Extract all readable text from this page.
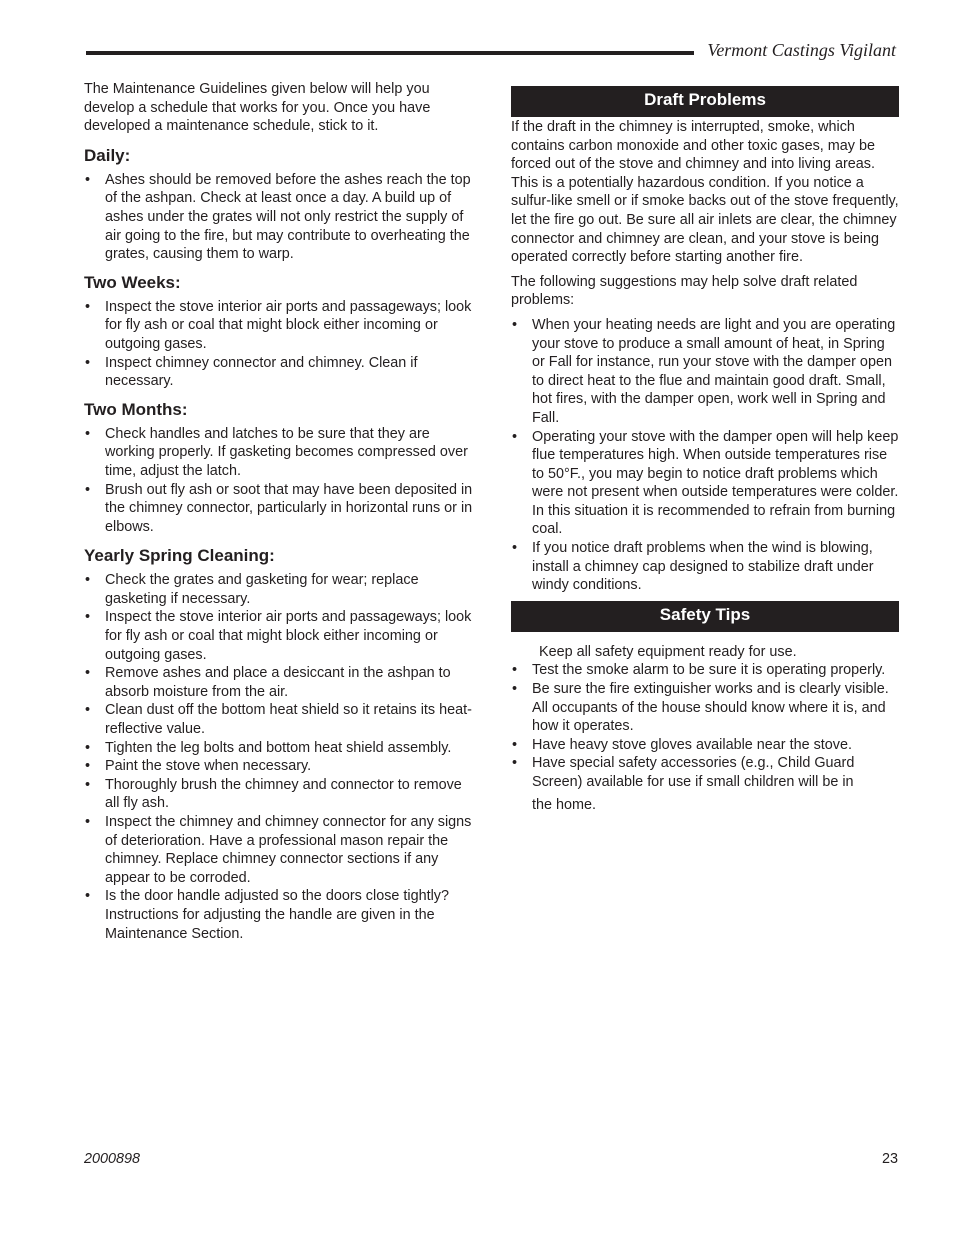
Vermont Castings Vigilant

The Maintenance Guidelines given below will help you develop a schedule that works for you. Once you have developed a maintenance schedule, stick to it.

Daily:
• Ashes should be removed before the ashes reach the top of the ashpan. Check at least once a day. A build up of ashes under the grates will not only restrict the supply of air going to the fire, but may contribute to overheating the grates, causing them to warp.
Two Weeks:
• Inspect the stove interior air ports and passageways; look for fly ash or coal that might block either incoming or outgoing gases.
• Inspect chimney connector and chimney. Clean if necessary.
Two Months:
• Check handles and latches to be sure that they are working properly. If gasketing becomes compressed over time, adjust the latch.
• Brush out fly ash or soot that may have been deposited in the chimney connector, particularly in horizontal runs or in elbows.
Yearly Spring Cleaning:
• Check the grates and gasketing for wear; replace gasketing if necessary.
• Inspect the stove interior air ports and passageways; look for fly ash or coal that might block either incoming or outgoing gases.
• Remove ashes and place a desiccant in the ashpan to absorb moisture from the air.
• Clean dust off the bottom heat shield so it retains its heat-reflective value.
• Tighten the leg bolts and bottom heat shield assembly.
• Paint the stove when necessary.
• Thoroughly brush the chimney and connector to remove all fly ash.
• Inspect the chimney and chimney connector for any signs of deterioration. Have a professional mason repair the chimney. Replace chimney connector sections if any appear to be corroded.
• Is the door handle adjusted so the doors close tightly? Instructions for adjusting the handle are given in the Maintenance Section.
Draft Problems

If the draft in the chimney is interrupted, smoke, which contains carbon monoxide and other toxic gases, may be forced out of the stove and chimney and into living areas. This is a potentially hazardous condition. If you notice a sulfur-like smell or if smoke backs out of the stove frequently, let the fire go out. Be sure all air inlets are clear, the chimney connector and chimney are clean, and your stove is being operated correctly before starting another fire.

The following suggestions may help solve draft related problems:

• When your heating needs are light and you are operating your stove to produce a small amount of heat, in Spring or Fall for instance, run your stove with the damper open to direct heat to the flue and maintain good draft. Small, hot fires, with the damper open, work well in Spring and Fall.
• Operating your stove with the damper open will help keep flue temperatures high. When outside temperatures rise to 50°F., you may begin to notice draft problems which were not present when outside temperatures were colder. In this situation it is recommended to refrain from burning coal.
• If you notice draft problems when the wind is blowing, install a chimney cap designed to stabilize draft under windy conditions.
Safety Tips

Keep all safety equipment ready for use.

• Test the smoke alarm to be sure it is operating properly.
• Be sure the fire extinguisher works and is clearly visible. All occupants of the house should know where it is, and how it operates.
• Have heavy stove gloves available near the stove.
• Have special safety accessories (e.g., Child Guard Screen) available for use if small children will be in
the home.
2000898	23
